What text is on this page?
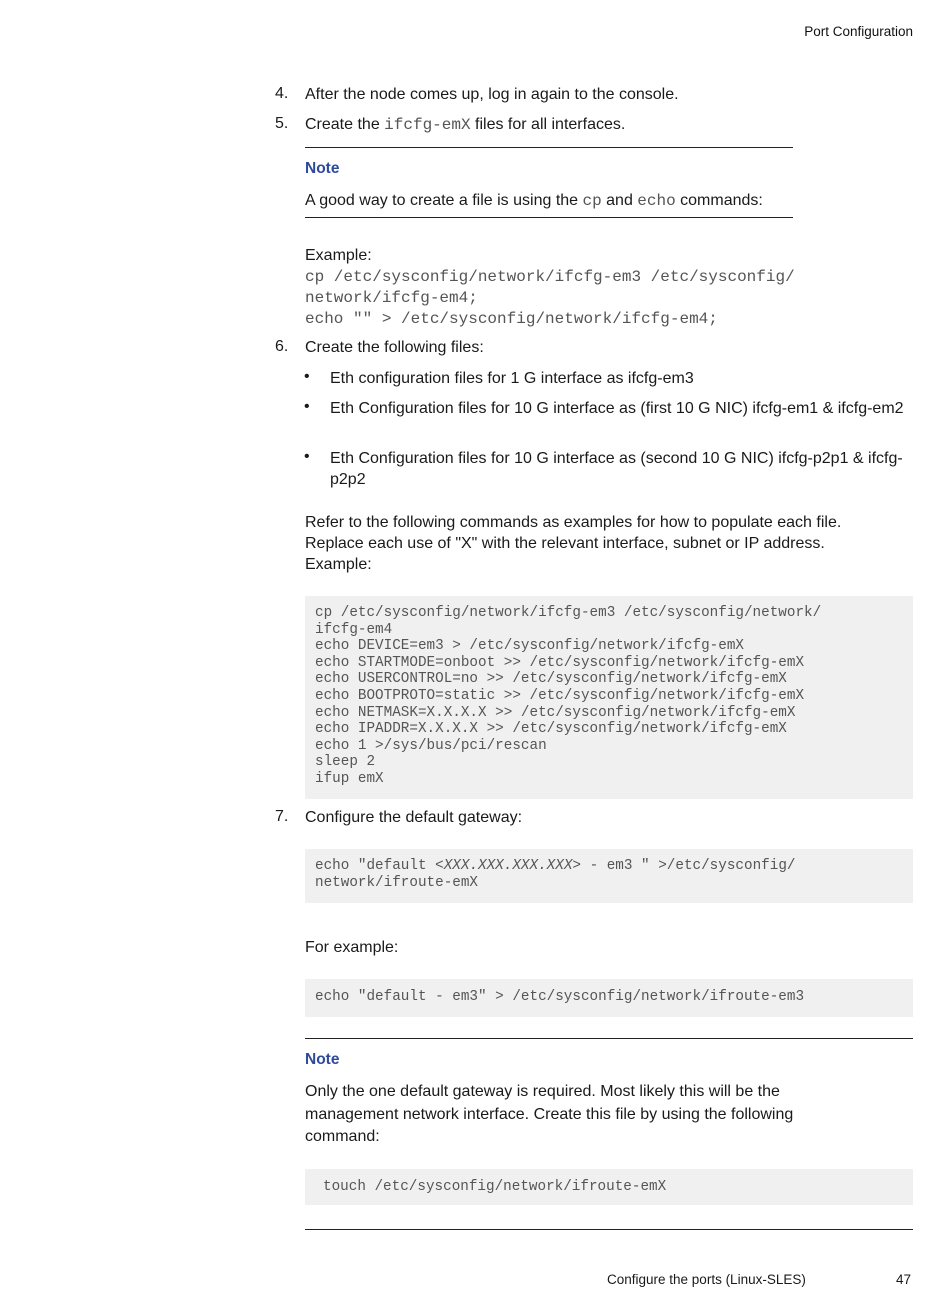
Port Configuration
4.	After the node comes up, log in again to the console.
5.	Create the ifcfg-emX files for all interfaces.
Note
A good way to create a file is using the cp and echo commands:
Example:
cp /etc/sysconfig/network/ifcfg-em3 /etc/sysconfig/
network/ifcfg-em4;
echo "" > /etc/sysconfig/network/ifcfg-em4;
6.	Create the following files:
• Eth configuration files for 1 G interface as ifcfg-em3
• Eth Configuration files for 10 G interface as (first 10 G NIC) ifcfg-em1 & ifcfg-em2
• Eth Configuration files for 10 G interface as (second 10 G NIC) ifcfg-p2p1 & ifcfg-p2p2
Refer to the following commands as examples for how to populate each file.
Replace each use of "X" with the relevant interface, subnet or IP address.
Example:
cp /etc/sysconfig/network/ifcfg-em3 /etc/sysconfig/network/
ifcfg-em4
echo DEVICE=em3 > /etc/sysconfig/network/ifcfg-emX
echo STARTMODE=onboot >> /etc/sysconfig/network/ifcfg-emX
echo USERCONTROL=no >> /etc/sysconfig/network/ifcfg-emX
echo BOOTPROTO=static >> /etc/sysconfig/network/ifcfg-emX
echo NETMASK=X.X.X.X >> /etc/sysconfig/network/ifcfg-emX
echo IPADDR=X.X.X.X >> /etc/sysconfig/network/ifcfg-emX
echo 1 >/sys/bus/pci/rescan
sleep 2
ifup emX
7.	Configure the default gateway:
echo "default <XXX.XXX.XXX.XXX> - em3 " >/etc/sysconfig/
network/ifroute-emX
For example:
echo "default - em3" > /etc/sysconfig/network/ifroute-em3
Note
Only the one default gateway is required. Most likely this will be the
management network interface. Create this file by using the following
command:
touch /etc/sysconfig/network/ifroute-emX
Configure the ports (Linux-SLES)	47
